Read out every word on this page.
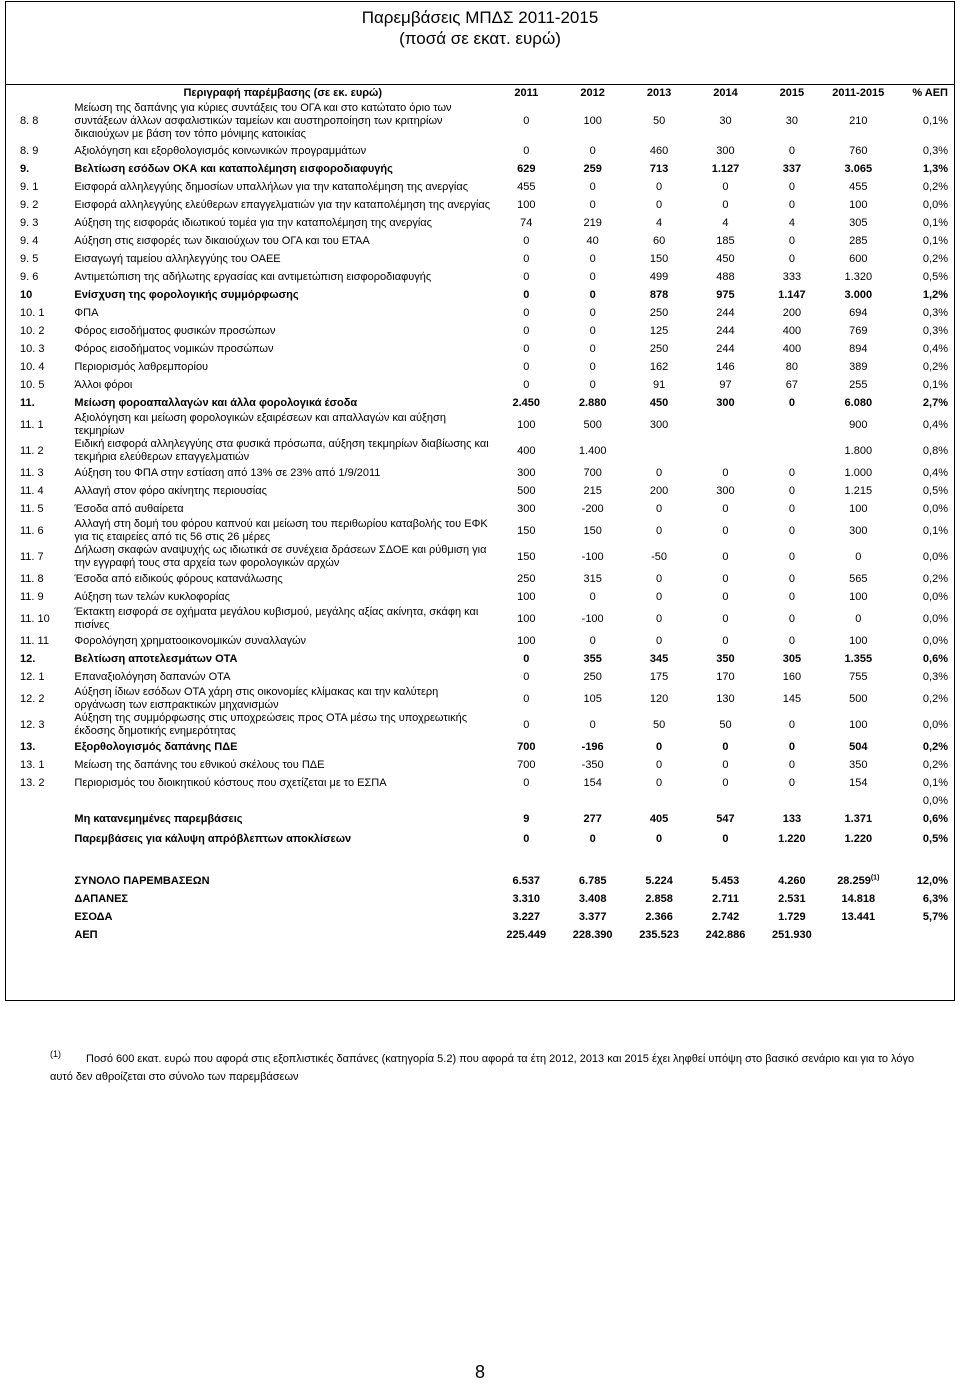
Παρεμβάσεις ΜΠΔΣ 2011-2015
(ποσά σε εκατ. ευρώ)
	Περιγραφή παρέμβασης (σε εκ. ευρώ)	2011	2012	2013	2014	2015	2011-2015	% ΑΕΠ
8. 8	Μείωση της δαπάνης για κύριες συντάξεις του ΟΓΑ και στο κατώτατο όριο των συντάξεων άλλων ασφαλιστικών ταμείων και αυστηροποίηση των κριτηρίων δικαιούχων με βάση τον τόπο μόνιμης κατοικίας	0	100	50	30	30	210	0,1%
8. 9	Αξιολόγηση και εξορθολογισμός κοινωνικών προγραμμάτων	0	0	460	300	0	760	0,3%
9.	Βελτίωση εσόδων ΟΚΑ και καταπολέμηση εισφοροδιαφυγής	629	259	713	1.127	337	3.065	1,3%
9. 1	Εισφορά αλληλεγγύης δημοσίων υπαλλήλων για την καταπολέμηση της ανεργίας	455	0	0	0	0	455	0,2%
9. 2	Εισφορά αλληλεγγύης ελεύθερων επαγγελματιών για την καταπολέμηση της ανεργίας	100	0	0	0	0	100	0,0%
9. 3	Αύξηση της εισφοράς ιδιωτικού τομέα για την καταπολέμηση της ανεργίας	74	219	4	4	4	305	0,1%
9. 4	Αύξηση στις εισφορές των δικαιούχων του ΟΓΑ και του ΕΤΑΑ	0	40	60	185	0	285	0,1%
9. 5	Εισαγωγή ταμείου αλληλεγγύης του ΟΑΕΕ	0	0	150	450	0	600	0,2%
9. 6	Αντιμετώπιση της αδήλωτης εργασίας και αντιμετώπιση εισφοροδιαφυγής	0	0	499	488	333	1.320	0,5%
10	Ενίσχυση της φορολογικής συμμόρφωσης	0	0	878	975	1.147	3.000	1,2%
10. 1	ΦΠΑ	0	0	250	244	200	694	0,3%
10. 2	Φόρος εισοδήματος φυσικών προσώπων	0	0	125	244	400	769	0,3%
10. 3	Φόρος εισοδήματος νομικών προσώπων	0	0	250	244	400	894	0,4%
10. 4	Περιορισμός λαθρεμπορίου	0	0	162	146	80	389	0,2%
10. 5	Άλλοι φόροι	0	0	91	97	67	255	0,1%
11.	Μείωση φοροαπαλλαγών και άλλα φορολογικά έσοδα	2.450	2.880	450	300	0	6.080	2,7%
11. 1	Αξιολόγηση και μείωση φορολογικών εξαιρέσεων και απαλλαγών και αύξηση τεκμηρίων	100	500	300			900	0,4%
11. 2	Ειδική εισφορά αλληλεγγύης στα φυσικά πρόσωπα, αύξηση τεκμηρίων διαβίωσης και τεκμήρια ελεύθερων επαγγελματιών	400	1.400				1.800	0,8%
11. 3	Αύξηση του ΦΠΑ στην εστίαση από 13% σε 23% από 1/9/2011	300	700	0	0	0	1.000	0,4%
11. 4	Αλλαγή στον φόρο ακίνητης περιουσίας	500	215	200	300	0	1.215	0,5%
11. 5	Έσοδα από αυθαίρετα	300	-200	0	0	0	100	0,0%
11. 6	Αλλαγή στη δομή του φόρου καπνού και μείωση του περιθωρίου καταβολής του ΕΦΚ για τις εταιρείες από τις 56 στις 26 μέρες	150	150	0	0	0	300	0,1%
11. 7	Δήλωση σκαφών αναψυχής ως ιδιωτικά σε συνέχεια δράσεων ΣΔΟΕ και ρύθμιση για την εγγραφή τους στα αρχεία των φορολογικών αρχών	150	-100	-50	0	0	0	0,0%
11. 8	Έσοδα από ειδικούς φόρους κατανάλωσης	250	315	0	0	0	565	0,2%
11. 9	Αύξηση των τελών κυκλοφορίας	100	0	0	0	0	100	0,0%
11. 10	Έκτακτη εισφορά σε οχήματα μεγάλου κυβισμού, μεγάλης αξίας ακίνητα, σκάφη και πισίνες	100	-100	0	0	0	0	0,0%
11. 11	Φορολόγηση χρηματοοικονομικών συναλλαγών	100	0	0	0	0	100	0,0%
12.	Βελτίωση αποτελεσμάτων ΟΤΑ	0	355	345	350	305	1.355	0,6%
12. 1	Επαναξιολόγηση δαπανών ΟΤΑ	0	250	175	170	160	755	0,3%
12. 2	Αύξηση ίδιων εσόδων ΟΤΑ χάρη στις οικονομίες κλίμακας και την καλύτερη οργάνωση των εισπρακτικών μηχανισμών	0	105	120	130	145	500	0,2%
12. 3	Αύξηση της συμμόρφωσης στις υποχρεώσεις προς ΟΤΑ μέσω της υποχρεωτικής έκδοσης δημοτικής ενημερότητας	0	0	50	50	0	100	0,0%
13.	Εξορθολογισμός δαπάνης ΠΔΕ	700	-196	0	0	0	504	0,2%
13. 1	Μείωση της δαπάνης του εθνικού σκέλους του ΠΔΕ	700	-350	0	0	0	350	0,2%
13. 2	Περιορισμός του διοικητικού κόστους που σχετίζεται με το ΕΣΠΑ	0	154	0	0	0	154	0,1%
								0,0%
	Μη κατανεμημένες παρεμβάσεις	9	277	405	547	133	1.371	0,6%
	Παρεμβάσεις για κάλυψη απρόβλεπτων αποκλίσεων	0	0	0	0	1.220	1.220	0,5%

	ΣΥΝΟΛΟ ΠΑΡΕΜΒΑΣΕΩΝ	6.537	6.785	5.224	5.453	4.260	28.259$^{(1)}$	12,0%
	ΔΑΠΑΝΕΣ	3.310	3.408	2.858	2.711	2.531	14.818	6,3%
	ΕΣΟΔΑ	3.227	3.377	2.366	2.742	1.729	13.441	5,7%
	ΑΕΠ	225.449	228.390	235.523	242.886	251.930		
(1)	Ποσό 600 εκατ. ευρώ που αφορά στις εξοπλιστικές δαπάνες (κατηγορία 5.2) που αφορά τα έτη 2012, 2013 και 2015 έχει ληφθεί υπόψη στο βασικό σενάριο και για το λόγο αυτό δεν αθροίζεται στο σύνολο των παρεμβάσεων
8
